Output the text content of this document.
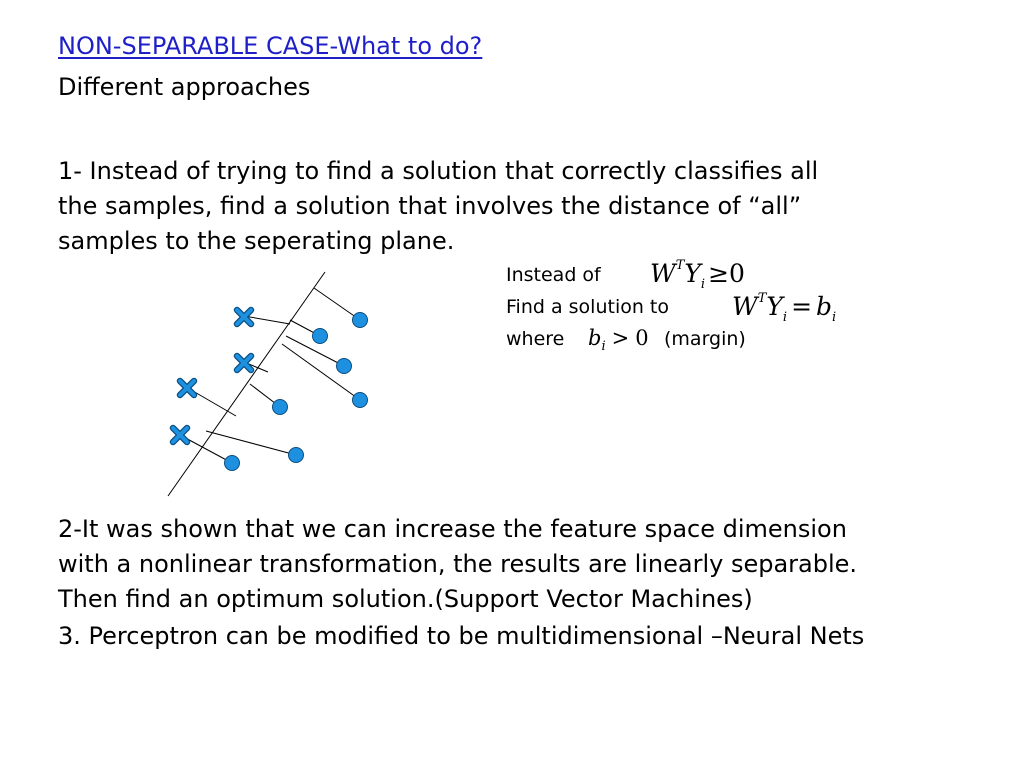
NON-SEPARABLE CASE-What to do?
Different approaches
1- Instead of trying to find a solution that correctly classifies all
the samples, find a solution that involves the distance of “all”
samples to the seperating plane.
Instead of
Find a solution to
where	(margin)
$W^TY_i \ge 0$
$W^TY_i = b_i$
$b_i > 0$
2-It was shown that we can increase the feature space dimension
with a nonlinear transformation, the results are linearly separable.
Then find an optimum solution.(Support Vector Machines)
3. Perceptron can be modified to be multidimensional –Neural Nets
